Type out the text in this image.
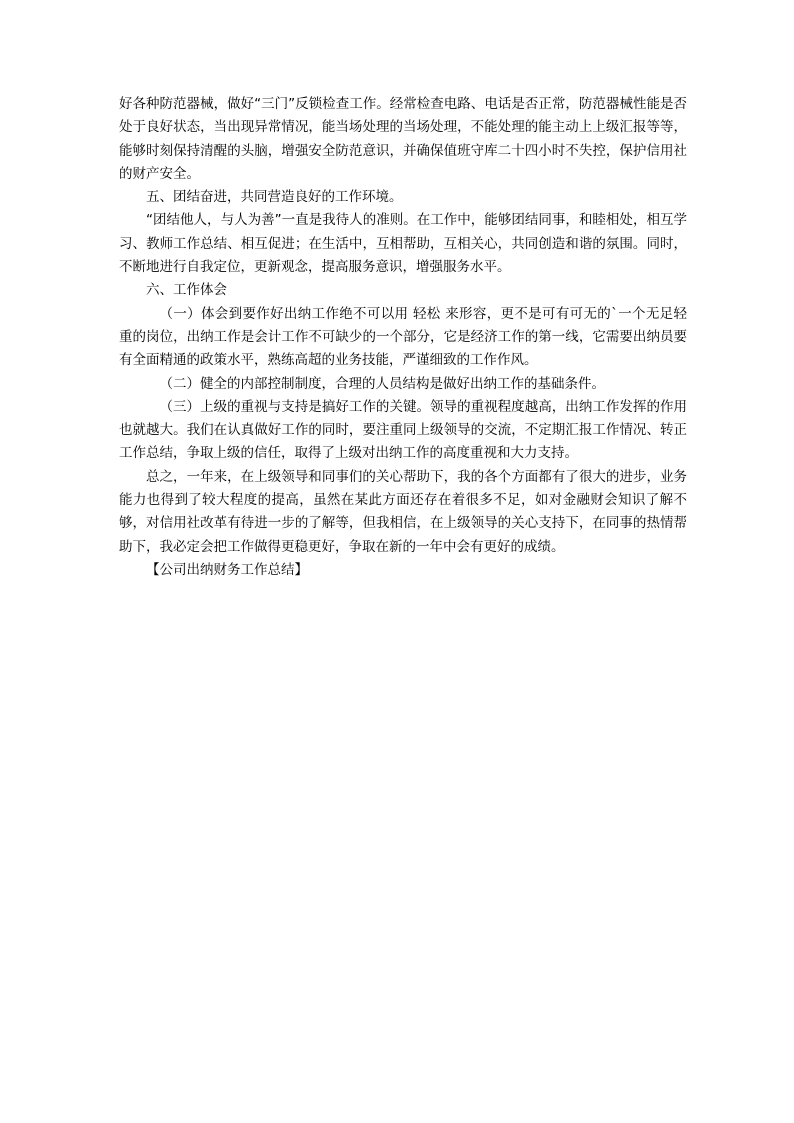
好各种防范器械，做好“三门”反锁检查工作。经常检查电路、电话是否正常，防范器械性能是否处于良好状态，当出现异常情况，能当场处理的当场处理，不能处理的能主动上上级汇报等等，能够时刻保持清醒的头脑，增强安全防范意识，并确保值班守库二十四小时不失控，保护信用社的财产安全。

五、团结奋进，共同营造良好的工作环境。

“团结他人，与人为善”一直是我待人的准则。在工作中，能够团结同事，和睦相处，相互学习、教师工作总结、相互促进；在生活中，互相帮助，互相关心，共同创造和谐的氛围。同时，不断地进行自我定位，更新观念，提高服务意识，增强服务水平。

六、工作体会

（一）体会到要作好出纳工作绝不可以用 轻松 来形容，更不是可有可无的`一个无足轻重的岗位，出纳工作是会计工作不可缺少的一个部分，它是经济工作的第一线，它需要出纳员要有全面精通的政策水平，熟练高超的业务技能，严谨细致的工作作风。

（二）健全的内部控制制度，合理的人员结构是做好出纳工作的基础条件。

（三）上级的重视与支持是搞好工作的关键。领导的重视程度越高，出纳工作发挥的作用也就越大。我们在认真做好工作的同时，要注重同上级领导的交流，不定期汇报工作情况、转正工作总结，争取上级的信任，取得了上级对出纳工作的高度重视和大力支持。

总之，一年来，在上级领导和同事们的关心帮助下，我的各个方面都有了很大的进步，业务能力也得到了较大程度的提高，虽然在某此方面还存在着很多不足，如对金融财会知识了解不够，对信用社改革有待进一步的了解等，但我相信，在上级领导的关心支持下，在同事的热情帮助下，我必定会把工作做得更稳更好，争取在新的一年中会有更好的成绩。

【公司出纳财务工作总结】
